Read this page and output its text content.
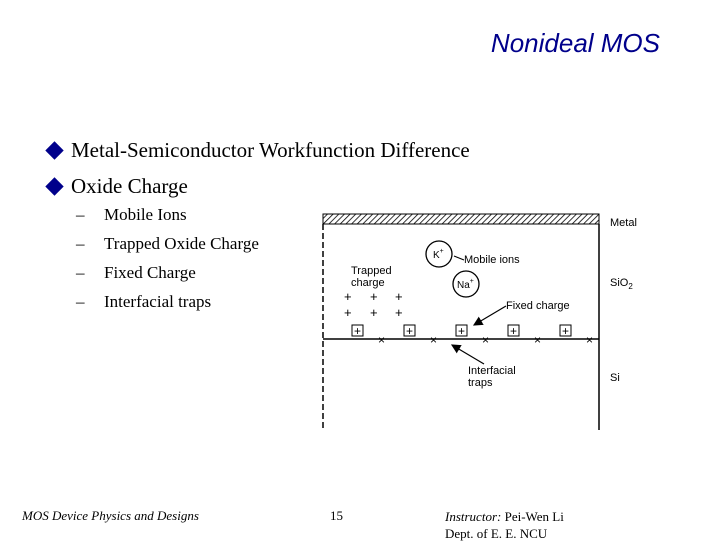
Nonideal MOS
Metal-Semiconductor Workfunction Difference
Oxide Charge
–	Mobile Ions
–	Trapped Oxide Charge
–	Fixed Charge
–	Interfacial traps
Metal
SiO$_2$
Si
K+
Na+
Mobile ions
Trapped
charge
+ + +
+ + +
+	+	+	+	+
×	×	×	×	×
Fixed charge
Interfacial
traps
MOS Device Physics and Designs	15	Instructor: Pei-Wen Li
Dept. of E. E. NCU
